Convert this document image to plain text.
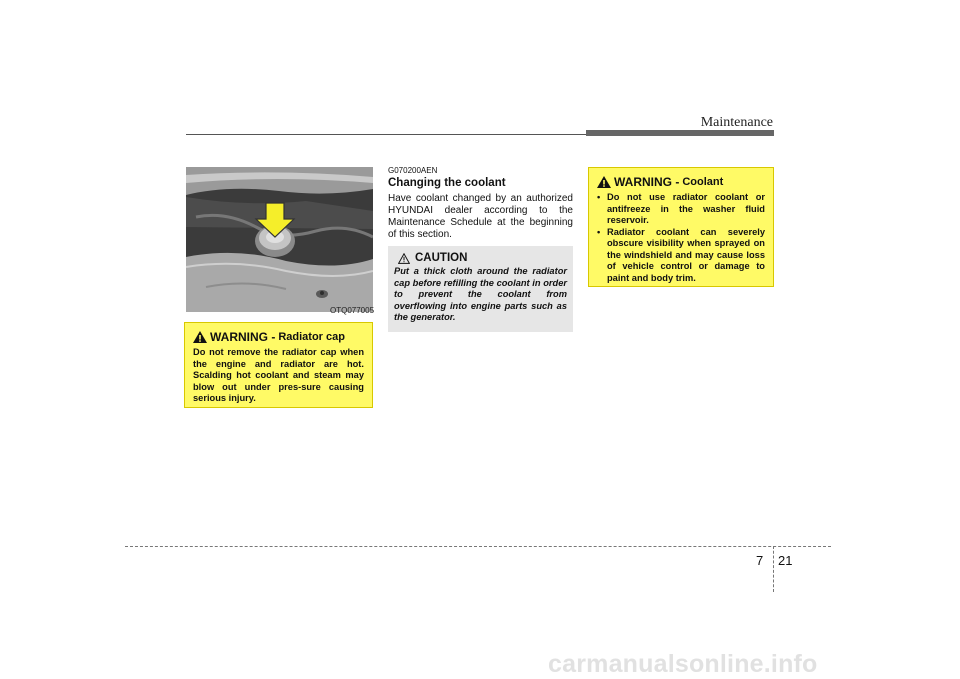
Maintenance
OTQ077005
WARNING - Radiator cap
Do not remove the radiator cap when the engine and radiator are hot. Scalding hot coolant and steam may blow out under pres-sure causing serious injury.
G070200AEN
Changing the coolant
Have coolant changed by an authorized HYUNDAI dealer according to the Maintenance Schedule at the beginning of this section.
CAUTION
Put a thick cloth around the radiator cap before refilling the coolant in order to prevent the coolant from overflowing into engine parts such as the generator.
WARNING - Coolant
• Do not use radiator coolant or antifreeze in the washer fluid reservoir.
• Radiator coolant can severely obscure visibility when sprayed on the windshield and may cause loss of vehicle control or damage to paint and body trim.
7 21
carmanualsonline.info
